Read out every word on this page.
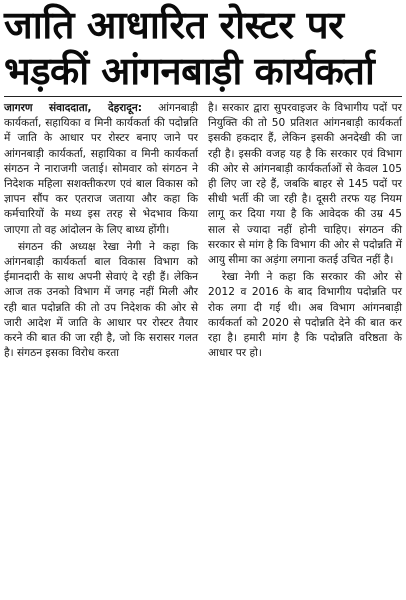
जाति आधारित रोस्टर पर
भड़कीं आंगनबाड़ी कार्यकर्ता

जागरण संवाददाता, देहरादून: आंगनबाड़ी कार्यकर्ता, सहायिका व मिनी कार्यकर्ता की पदोन्नति में जाति के आधार पर रोस्टर बनाए जाने पर आंगनबाड़ी कार्यकर्ता, सहायिका व मिनी कार्यकर्ता संगठन ने नाराजगी जताई। सोमवार को संगठन ने निदेशक महिला सशक्तीकरण एवं बाल विकास को ज्ञापन सौंप कर एतराज जताया और कहा कि कर्मचारियों के मध्य इस तरह से भेदभाव किया जाएगा तो वह आंदोलन के लिए बाध्य होंगी।

संगठन की अध्यक्ष रेखा नेगी ने कहा कि आंगनबाड़ी कार्यकर्ता बाल विकास विभाग को ईमानदारी के साथ अपनी सेवाएं दे रही हैं। लेकिन आज तक उनको विभाग में जगह नहीं मिली और रही बात पदोन्नति की तो उप निदेशक की ओर से जारी आदेश में जाति के आधार पर रोस्टर तैयार करने की बात की जा रही है, जो कि सरासर गलत है। संगठन इसका विरोध करता

है। सरकार द्वारा सुपरवाइजर के विभागीय पदों पर नियुक्ति की तो 50 प्रतिशत आंगनबाड़ी कार्यकर्ता इसकी हकदार हैं, लेकिन इसकी अनदेखी की जा रही है। इसकी वजह यह है कि सरकार एवं विभाग की ओर से आंगनबाड़ी कार्यकर्ताओं से केवल 105 ही लिए जा रहे हैं, जबकि बाहर से 145 पदों पर सीधी भर्ती की जा रही है। दूसरी तरफ यह नियम लागू कर दिया गया है कि आवेदक की उम्र 45 साल से ज्यादा नहीं होनी चाहिए। संगठन की सरकार से मांग है कि विभाग की ओर से पदोन्नति में आयु सीमा का अड़ंगा लगाना कतई उचित नहीं है।

रेखा नेगी ने कहा कि सरकार की ओर से 2012 व 2016 के बाद विभागीय पदोन्नति पर रोक लगा दी गई थी। अब विभाग आंगनबाड़ी कार्यकर्ता को 2020 से पदोन्नति देने की बात कर रहा है। हमारी मांग है कि पदोन्नति वरिष्ठता के आधार पर हो।
